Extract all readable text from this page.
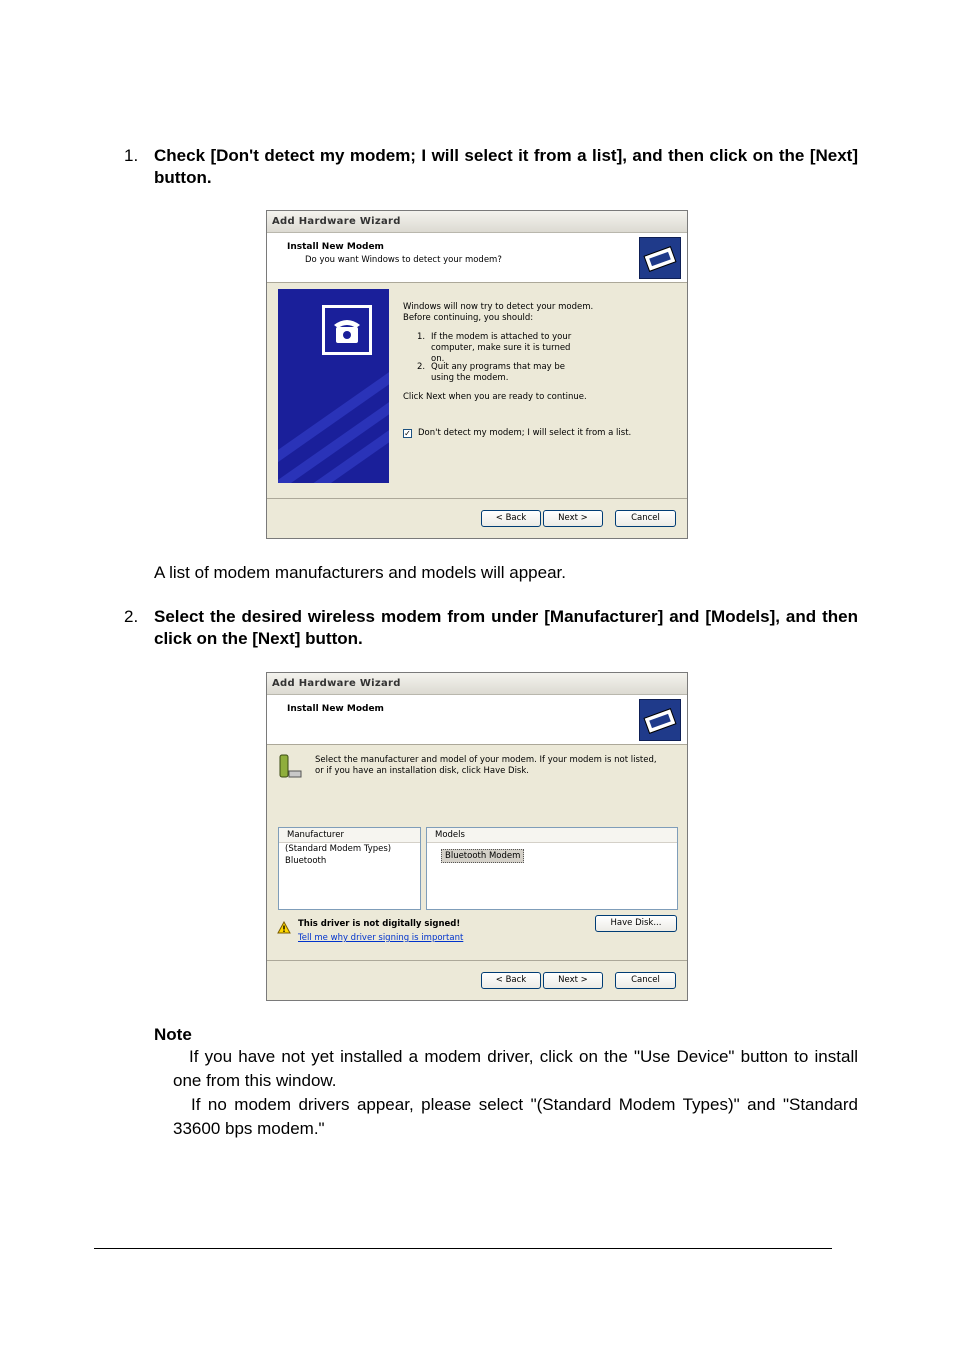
1. Check [Don't detect my modem; I will select it from a list], and then click on the [Next] button.
Add Hardware Wizard
Install New Modem
Do you want Windows to detect your modem?
Windows will now try to detect your modem. Before continuing, you should:
1. If the modem is attached to your computer, make sure it is turned on.
2. Quit any programs that may be using the modem.
Click Next when you are ready to continue.
✓ Don't detect my modem; I will select it from a list.
< Back	Next >	Cancel
A list of modem manufacturers and models will appear.
2. Select the desired wireless modem from under [Manufacturer] and [Models], and then click on the [Next] button.
Add Hardware Wizard
Install New Modem
Select the manufacturer and model of your modem. If your modem is not listed, or if you have an installation disk, click Have Disk.
Manufacturer
(Standard Modem Types)
Bluetooth
Models
Bluetooth Modem
This driver is not digitally signed!
Tell me why driver signing is important
Have Disk...
< Back	Next >	Cancel
Note
If you have not yet installed a modem driver, click on the "Use Device" button to install one from this window.
If no modem drivers appear, please select "(Standard Modem Types)" and "Standard 33600 bps modem."
